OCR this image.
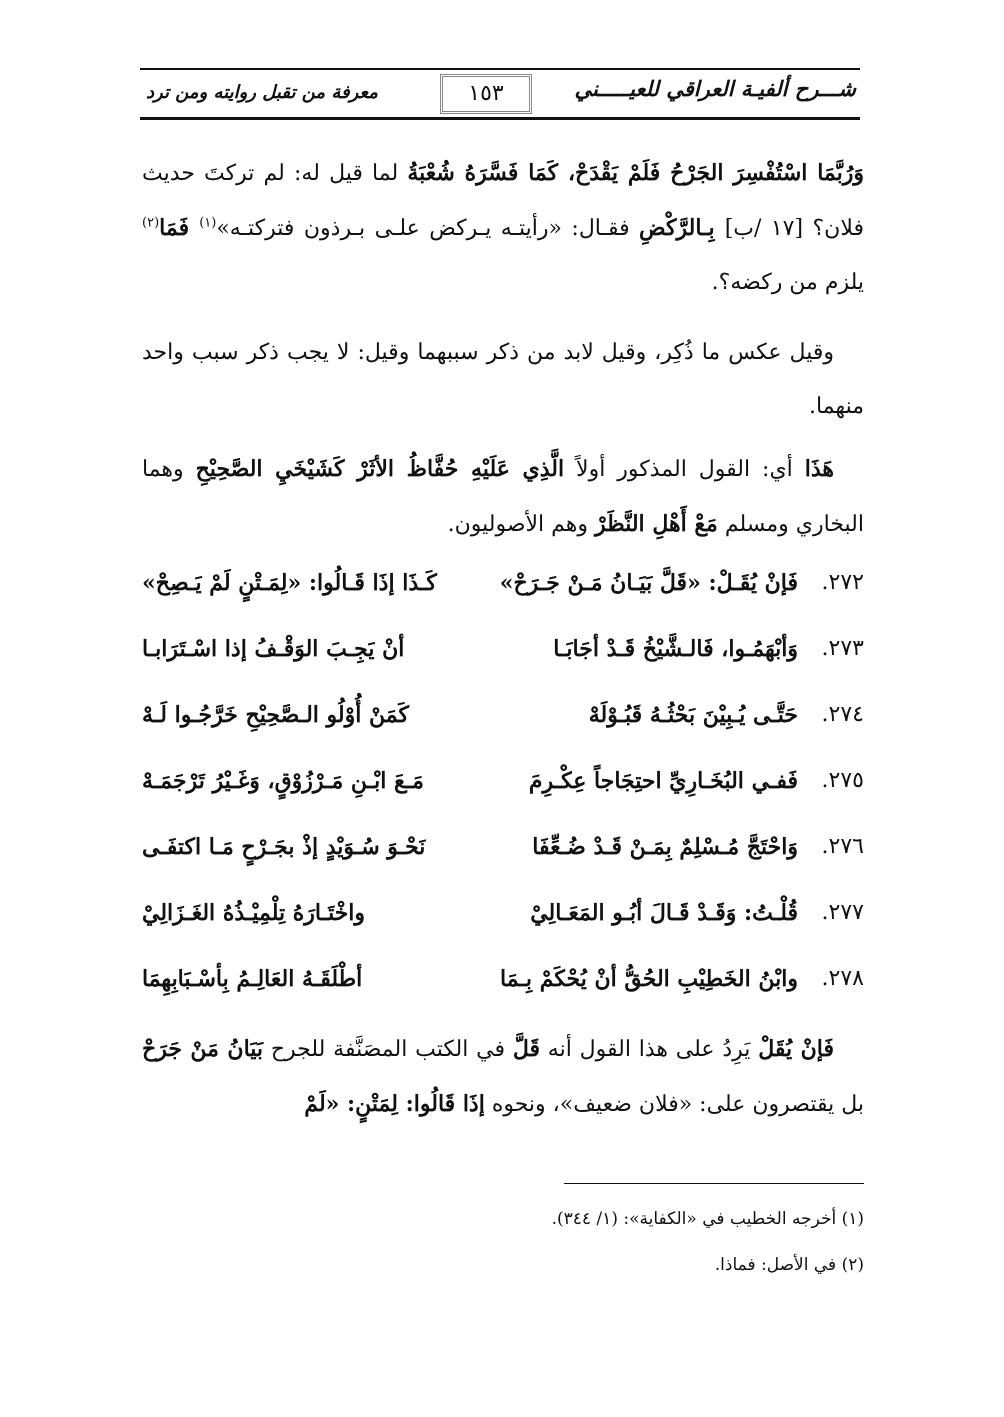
شـــرح ألفيـة العراقي للعيـــــني
١٥٣
معرفة من تقبل روايته ومن ترد
وَرُبَّمَا اسْتُفْسِرَ الجَرْحُ فَلَمْ يَقْدَحْ، كَمَا فَسَّرَهُ شُعْبَةُ لما قيل له: لم تركتَ حديث فلان؟ [١٧ /ب] بِـالرَّكْضِ فقـال: «رأيتـه يـركض علـى بـرذون فتركتـه»$^{(١)}$ فَمَا$^{(٢)}$ يلزم من ركضه؟.
وقيل عكس ما ذُكِر، وقيل لابد من ذكر سببهما وقيل: لا يجب ذكر سبب واحد منهما.
هَذَا أي: القول المذكور أولاً الَّذِي عَلَيْهِ حُفَّاظُ الأثَرْ كَشَيْخَيِ الصَّحِيْحِ وهما البخاري ومسلم مَعْ أَهْلِ النَّظَرْ وهم الأصوليون.
٢٧٢.
فَإنْ يُقَـلْ: «قَلَّ بَيَـانُ مَـنْ جَـرَحْ»
كَـذَا إذَا قَـالُوا: «لِمَـتْنٍ لَمْ يَـصِحْ»
٢٧٣.
وَأبْهَمُـوا، فَالـشَّيْخُ قَـدْ أجَابَـا
أنْ يَجِـبَ الوَقْـفُ إذا اسْـتَرَابـا
٢٧٤.
حَتَّـى يُـبِيْنَ بَحْثُـهُ قَبُـوْلَهْ
كَمَنْ أُوْلُو الـصَّحِيْحِ خَرَّجُـوا لَـهْ
٢٧٥.
فَفـي البُخَـارِيِّ احتِجَاجاً عِكْـرِمَ
مَـعَ ابْـنِ مَـرْزُوْقٍ، وَغَـيْرُ تَرْجَمَـهْ
٢٧٦.
وَاحْتَجَّ مُـسْلِمٌ بِمَـنْ قَـدْ ضُـعِّفَا
نَحْـوَ سُـوَيْدٍ إذْ بجَـرْحٍ مَـا اكتفَـى
٢٧٧.
قُلْـتُ: وَقَـدْ قَـالَ أبُـو المَعَـالِيْ
واخْتَـارَهُ تِلْمِيْـذُهُ الغَـزَالِيْ
٢٧٨.
وابْنُ الخَطِيْبِ الحُقُّ أنْ يُحْكَمْ بِـمَا
أطْلَقَـهُ العَالِـمُ بِأسْـبَابِهِمَا
فَإنْ يُقَلْ يَرِدُ على هذا القول أنه قَلَّ في الكتب المصَنَّفة للجرح بَيَانُ مَنْ جَرَحْ بل يقتصرون على: «فلان ضعيف»، ونحوه إذَا قَالُوا: لِمَتْنٍ: «لَمْ
(١) أخرجه الخطيب في «الكفاية»: (١/ ٣٤٤).
(٢) في الأصل: فماذا.
